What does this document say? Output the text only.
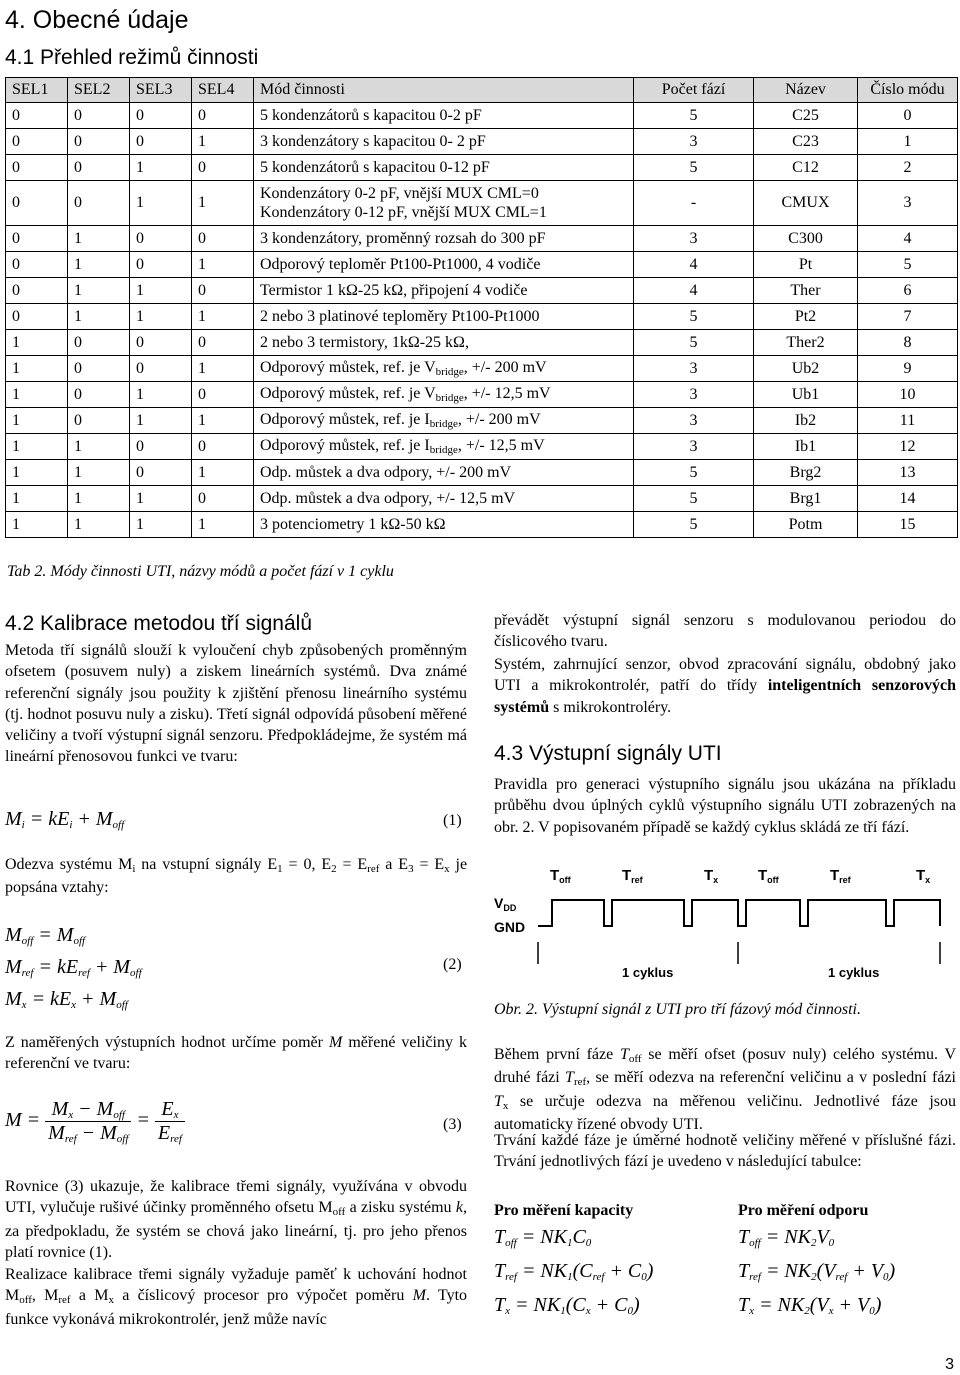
4. Obecné údaje
4.1 Přehled režimů činnosti
SEL1	SEL2	SEL3	SEL4	Mód činnosti	Počet fází	Název	Číslo módu
0	0	0	0	5 kondenzátorů s kapacitou 0-2 pF	5	C25	0
0	0	0	1	3 kondenzátory s kapacitou 0- 2 pF	3	C23	1
0	0	1	0	5 kondenzátorů s kapacitou 0-12 pF	5	C12	2
0	0	1	1	Kondenzátory 0-2 pF, vnější MUX CML=0
Kondenzátory 0-12 pF, vnější MUX CML=1	-	CMUX	3
0	1	0	0	3 kondenzátory, proměnný rozsah do 300 pF	3	C300	4
0	1	0	1	Odporový teploměr Pt100-Pt1000, 4 vodiče	4	Pt	5
0	1	1	0	Termistor 1 kΩ-25 kΩ, připojení 4 vodiče	4	Ther	6
0	1	1	1	2 nebo 3 platinové teploměry Pt100-Pt1000	5	Pt2	7
1	0	0	0	2 nebo 3 termistory, 1kΩ-25 kΩ,	5	Ther2	8
1	0	0	1	Odporový můstek, ref. je Vbridge, +/- 200 mV	3	Ub2	9
1	0	1	0	Odporový můstek, ref. je Vbridge, +/- 12,5 mV	3	Ub1	10
1	0	1	1	Odporový můstek, ref. je Ibridge, +/- 200 mV	3	Ib2	11
1	1	0	0	Odporový můstek, ref. je Ibridge, +/- 12,5 mV	3	Ib1	12
1	1	0	1	Odp. můstek a dva odpory, +/- 200 mV	5	Brg2	13
1	1	1	0	Odp. můstek a dva odpory, +/- 12,5 mV	5	Brg1	14
1	1	1	1	3 potenciometry 1 kΩ-50 kΩ	5	Potm	15
Tab 2. Módy činnosti UTI, názvy módů a počet fází v 1 cyklu
4.2 Kalibrace metodou tří signálů
Metoda tří signálů slouží k vyloučení chyb způsobených proměnným ofsetem (posuvem nuly) a ziskem lineárních systémů. Dva známé referenční signály jsou použity k zjištění přenosu lineárního systému (tj. hodnot posuvu nuly a zisku). Třetí signál odpovídá působení měřené veličiny a tvoří výstupní signál senzoru. Předpokládejme, že systém má lineární přenosovou funkci ve tvaru:
Mi = kEi + Moff	(1)
Odezva systému Mi na vstupní signály E1 = 0, E2 = Eref a E3 = Ex je popsána vztahy:
Moff = Moff
Mref = kEref + Moff
Mx = kEx + Moff
(2)
Z naměřených výstupních hodnot určíme poměr M měřené veličiny k referenční ve tvaru:
$M = \frac{\text{Mx − Moff}}{\text{Mref − Moff}} = \frac{Ex}{\text{Eref}}$	(3)
Rovnice (3) ukazuje, že kalibrace třemi signály, využívána v obvodu UTI, vylučuje rušivé účinky proměnného ofsetu Moff a zisku systému k, za předpokladu, že systém se chová jako lineární, tj. pro jeho přenos platí rovnice (1).
Realizace kalibrace třemi signály vyžaduje paměť k uchování hodnot Moff, Mref a Mx a číslicový procesor pro výpočet poměru M. Tyto funkce vykonává mikrokontrolér, jenž může navíc
převádět výstupní signál senzoru s modulovanou periodou do číslicového tvaru.
Systém, zahrnující senzor, obvod zpracování signálu, obdobný jako UTI a mikrokontrolér, patří do třídy inteligentních senzorových systémů s mikrokontroléry.
4.3 Výstupní signály UTI
Pravidla pro generaci výstupního signálu jsou ukázána na příkladu průběhu dvou úplných cyklů výstupního signálu UTI zobrazených na obr. 2. V popisovaném případě se každý cyklus skládá ze tří fází.
$T_{off}$	$T_{ref}$	$T_x$	$T_{off}$	$T_{ref}$	$T_x$
$V_{DD}$
GND
1 cyklus	1 cyklus
Obr. 2. Výstupní signál z UTI pro tří fázový mód činnosti.
Během první fáze Toff se měří ofset (posuv nuly) celého systému. V druhé fázi Tref, se měří odezva na referenční veličinu a v poslední fázi Tx se určuje odezva na měřenou veličinu. Jednotlivé fáze jsou automaticky řízené obvody UTI.
Trvání každé fáze je úměrné hodnotě veličiny měřené v příslušné fázi. Trvání jednotlivých fází je uvedeno v následující tabulce:
Pro měření kapacity	Pro měření odporu
Toff = NK1C0
Tref = NK1(Cref + C0)
Tx = NK1(Cx + C0)
Toff = NK2V0
Tref = NK2(Vref + V0)
Tx = NK2(Vx + V0)
3
